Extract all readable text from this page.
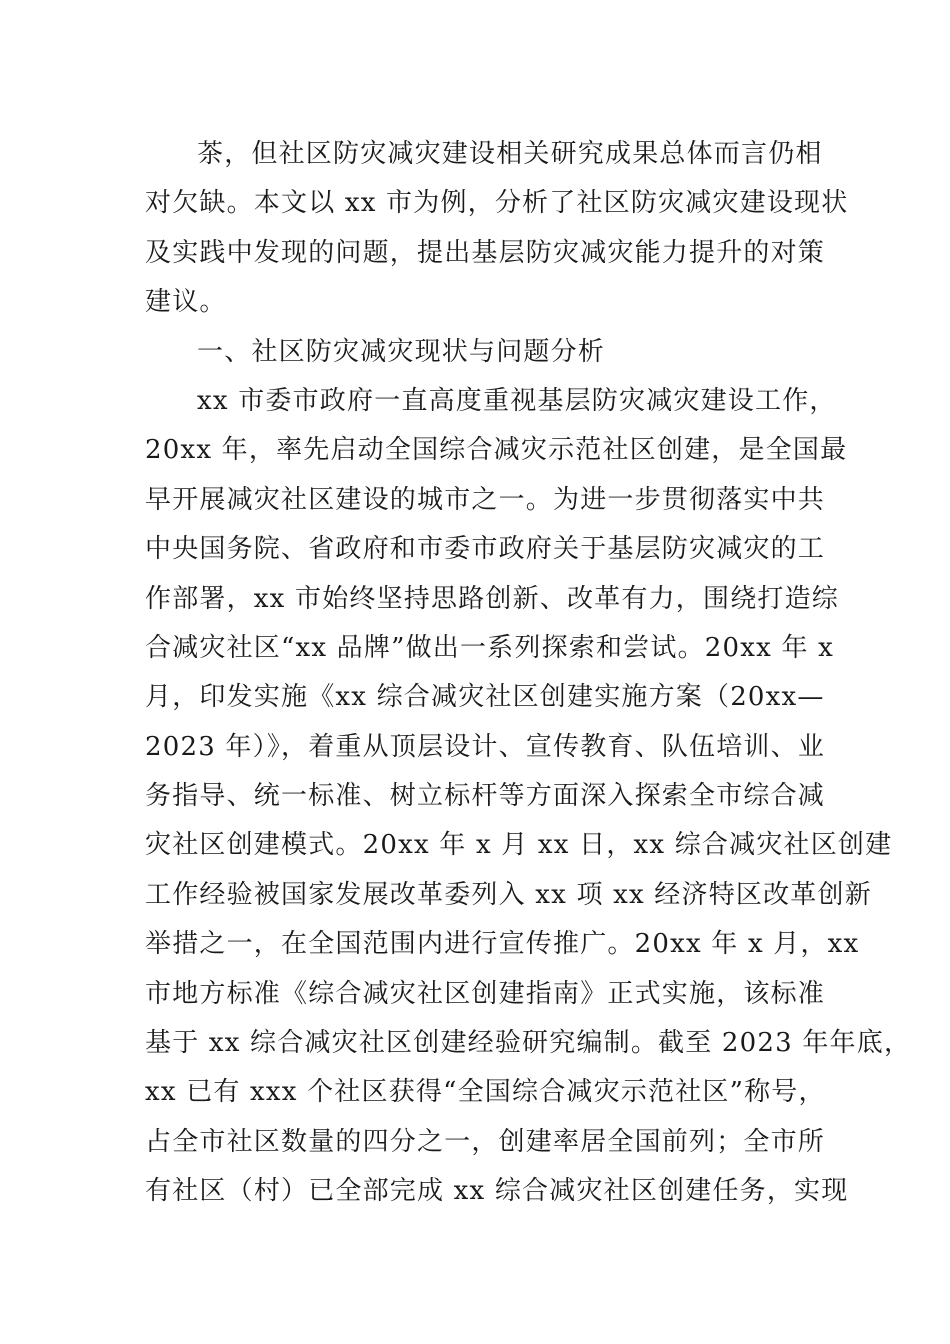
茶，但社区防灾减灾建设相关研究成果总体而言仍相
对欠缺。本文以 xx 市为例，分析了社区防灾减灾建设现状
及实践中发现的问题，提出基层防灾减灾能力提升的对策
建议。
一、社区防灾减灾现状与问题分析
xx 市委市政府一直高度重视基层防灾减灾建设工作，
20xx 年，率先启动全国综合减灾示范社区创建，是全国最
早开展减灾社区建设的城市之一。为进一步贯彻落实中共
中央国务院、省政府和市委市政府关于基层防灾减灾的工
作部署，xx 市始终坚持思路创新、改革有力，围绕打造综
合减灾社区“xx 品牌”做出一系列探索和尝试。20xx 年 x
月，印发实施《xx 综合减灾社区创建实施方案（20xx—
2023 年）》，着重从顶层设计、宣传教育、队伍培训、业
务指导、统一标准、树立标杆等方面深入探索全市综合减
灾社区创建模式。20xx 年 x 月 xx 日，xx 综合减灾社区创建
工作经验被国家发展改革委列入 xx 项 xx 经济特区改革创新
举措之一，在全国范围内进行宣传推广。20xx 年 x 月，xx
市地方标准《综合减灾社区创建指南》正式实施，该标准
基于 xx 综合减灾社区创建经验研究编制。截至 2023 年年底，
xx 已有 xxx 个社区获得“全国综合减灾示范社区”称号，
占全市社区数量的四分之一，创建率居全国前列；全市所
有社区（村）已全部完成 xx 综合减灾社区创建任务，实现
